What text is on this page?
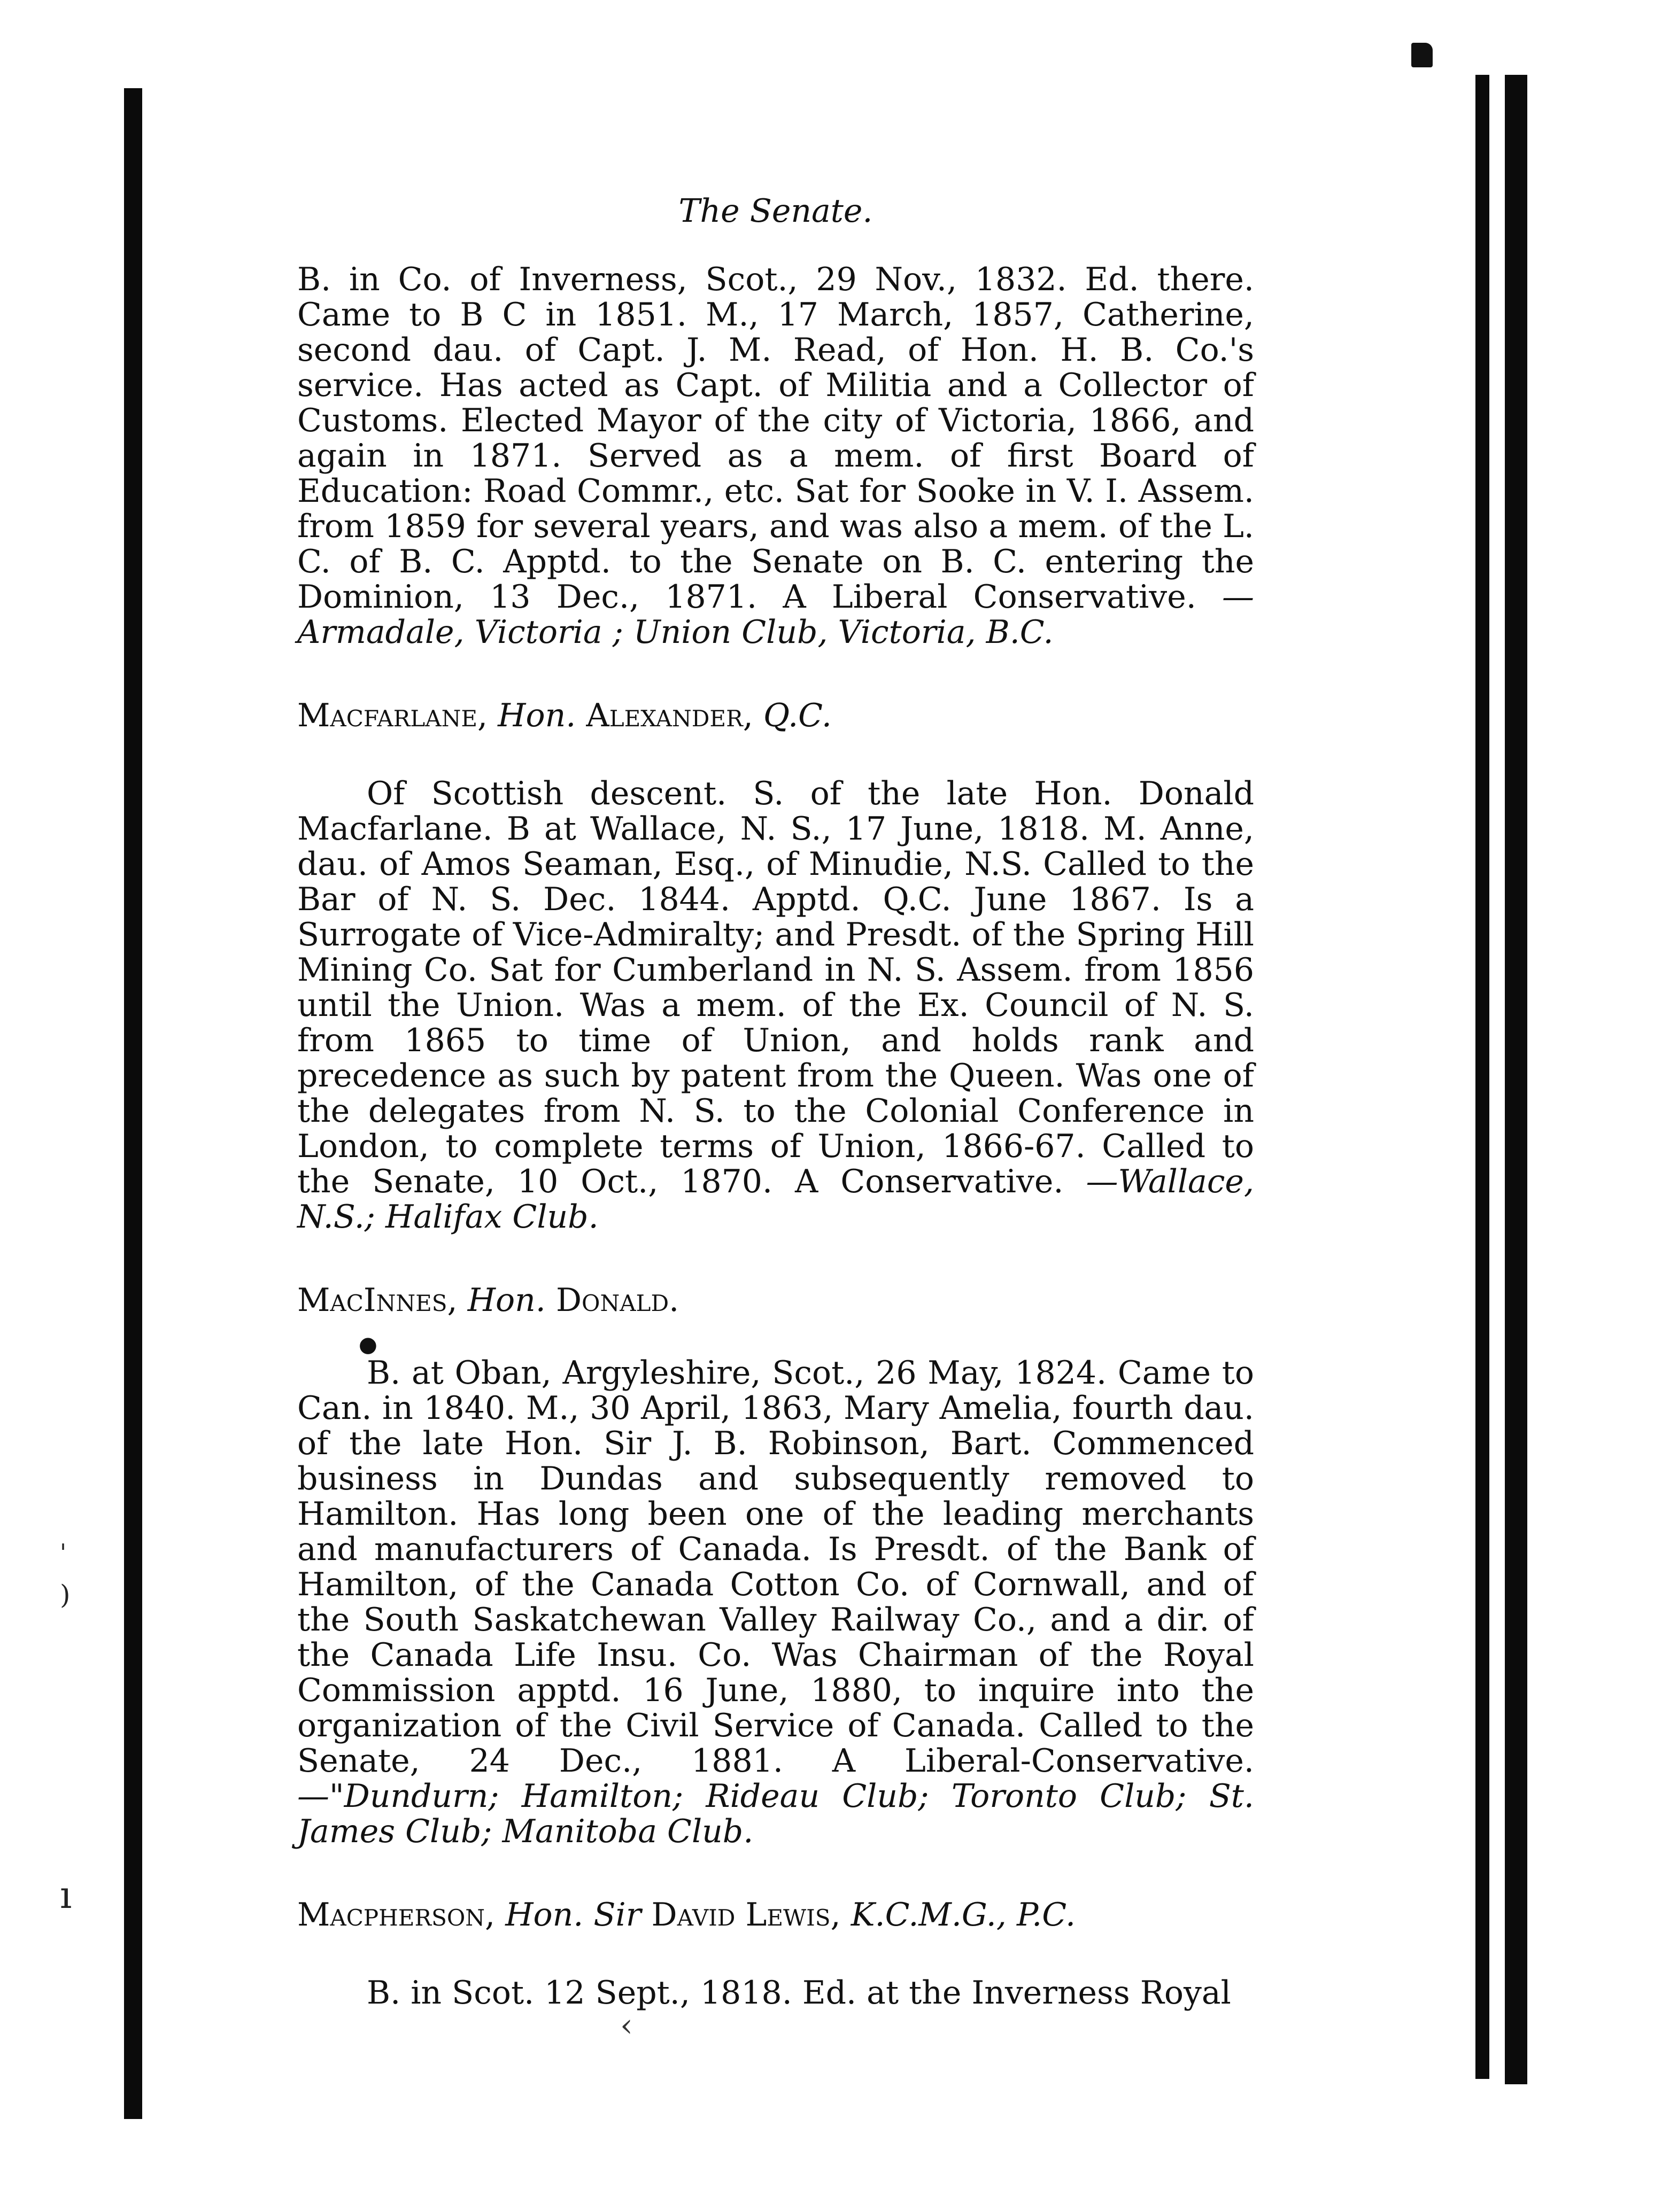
'
)
ı
The Senate.

B. in Co. of Inverness, Scot., 29 Nov., 1832. Ed. there. Came to B C in 1851. M., 17 March, 1857, Catherine, second dau. of Capt. J. M. Read, of Hon. H. B. Co.'s service. Has acted as Capt. of Militia and a Collector of Customs. Elected Mayor of the city of Victoria, 1866, and again in 1871. Served as a mem. of first Board of Education: Road Commr., etc. Sat for Sooke in V. I. Assem. from 1859 for several years, and was also a mem. of the L. C. of B. C. Apptd. to the Senate on B. C. entering the Dominion, 13 Dec., 1871. A Liberal Conservative. —Armadale, Victoria ; Union Club, Victoria, B.C.

Macfarlane, Hon. Alexander, Q.C.

Of Scottish descent. S. of the late Hon. Donald Macfarlane. B at Wallace, N. S., 17 June, 1818. M. Anne, dau. of Amos Seaman, Esq., of Minudie, N.S. Called to the Bar of N. S. Dec. 1844. Apptd. Q.C. June 1867. Is a Surrogate of Vice-Admiralty; and Presdt. of the Spring Hill Mining Co. Sat for Cumberland in N. S. Assem. from 1856 until the Union. Was a mem. of the Ex. Council of N. S. from 1865 to time of Union, and holds rank and precedence as such by patent from the Queen. Was one of the delegates from N. S. to the Colonial Conference in London, to complete terms of Union, 1866-67. Called to the Senate, 10 Oct., 1870. A Conservative. —Wallace, N.S.; Halifax Club.

MacInnes, Hon. Donald.
●

B. at Oban, Argyleshire, Scot., 26 May, 1824. Came to Can. in 1840. M., 30 April, 1863, Mary Amelia, fourth dau. of the late Hon. Sir J. B. Robinson, Bart. Commenced business in Dundas and subsequently removed to Hamilton. Has long been one of the leading merchants and manufacturers of Canada. Is Presdt. of the Bank of Hamilton, of the Canada Cotton Co. of Cornwall, and of the South Saskatchewan Valley Railway Co., and a dir. of the Canada Life Insu. Co. Was Chairman of the Royal Commission apptd. 16 June, 1880, to inquire into the organization of the Civil Service of Canada. Called to the Senate, 24 Dec., 1881. A Liberal-Conservative. —"Dundurn; Hamilton; Rideau Club; Toronto Club; St. James Club; Manitoba Club.

Macpherson, Hon. Sir David Lewis, K.C.M.G., P.C.

B. in Scot. 12 Sept., 1818. Ed. at the Inverness Royal

‹
